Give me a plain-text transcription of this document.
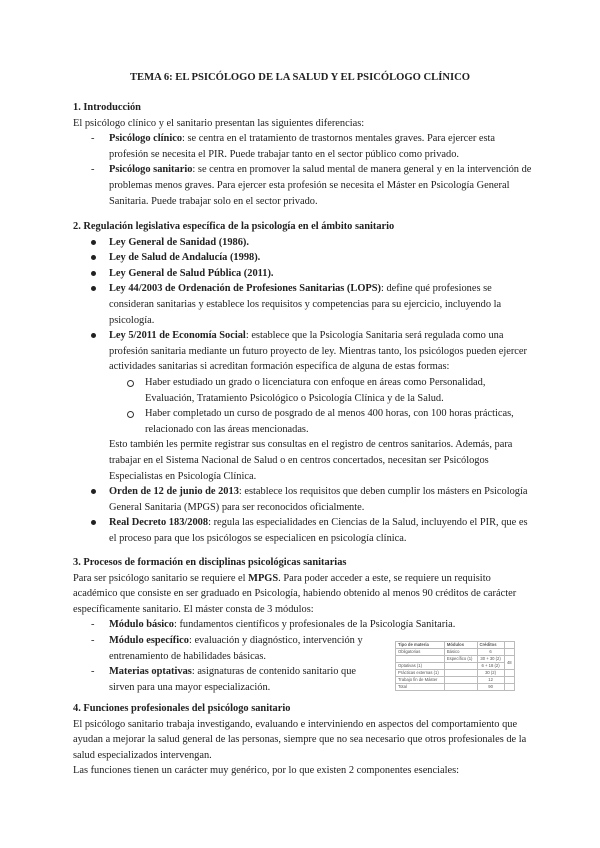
TEMA 6: EL PSICÓLOGO DE LA SALUD Y EL PSICÓLOGO CLÍNICO
1. Introducción

El psicólogo clínico y el sanitario presentan las siguientes diferencias:

- Psicólogo clínico: se centra en el tratamiento de trastornos mentales graves. Para ejercer esta profesión se necesita el PIR. Puede trabajar tanto en el sector público como privado.
- Psicólogo sanitario: se centra en promover la salud mental de manera general y en la intervención de problemas menos graves. Para ejercer esta profesión se necesita el Máster en Psicología General Sanitaria. Puede trabajar solo en el sector privado.
2. Regulación legislativa específica de la psicología en el ámbito sanitario
Ley General de Sanidad (1986).
Ley de Salud de Andalucía (1998).
Ley General de Salud Pública (2011).
Ley 44/2003 de Ordenación de Profesiones Sanitarias (LOPS): define qué profesiones se consideran sanitarias y establece los requisitos y competencias para su ejercicio, incluyendo la psicología.
Ley 5/2011 de Economía Social: establece que la Psicología Sanitaria será regulada como una profesión sanitaria mediante un futuro proyecto de ley. Mientras tanto, los psicólogos pueden ejercer actividades sanitarias si acreditan formación específica de alguna de estas formas:
Haber estudiado un grado o licenciatura con enfoque en áreas como Personalidad, Evaluación, Tratamiento Psicológico o Psicología Clínica y de la Salud.
Haber completado un curso de posgrado de al menos 400 horas, con 100 horas prácticas, relacionado con las áreas mencionadas.

Esto también les permite registrar sus consultas en el registro de centros sanitarios. Además, para trabajar en el Sistema Nacional de Salud o en centros concertados, necesitan ser Psicólogos Especialistas en Psicología Clínica.

Orden de 12 de junio de 2013: establece los requisitos que deben cumplir los másters en Psicología General Sanitaria (MPGS) para ser reconocidos oficialmente.
Real Decreto 183/2008: regula las especialidades en Ciencias de la Salud, incluyendo el PIR, que es el proceso para que los psicólogos se especialicen en psicología clínica.
3. Procesos de formación en disciplinas psicológicas sanitarias

Para ser psicólogo sanitario se requiere el MPGS. Para poder acceder a este, se requiere un requisito académico que consiste en ser graduado en Psicología, habiendo obtenido al menos 90 créditos de carácter específicamente sanitario. El máster consta de 3 módulos:

- Módulo básico: fundamentos científicos y profesionales de la Psicología Sanitaria.
- Módulo específico: evaluación y diagnóstico, intervención y entrenamiento de habilidades básicas.
- Materias optativas: asignaturas de contenido sanitario que sirven para una mayor especialización.
Tipo de materia	Módulos	Créditos	
Obligatorias	Básico	6	
	Específico (1)	30 + 30 (2)	48
Optativas (1)		6 + 18 (2)	
Prácticas externas (1)		30 (2)	
Trabajo fin de Máster		12	
Total		90	
4. Funciones profesionales del psicólogo sanitario

El psicólogo sanitario trabaja investigando, evaluando e interviniendo en aspectos del comportamiento que ayudan a mejorar la salud general de las personas, siempre que no sea necesario que otros profesionales de la salud especializados intervengan.

Las funciones tienen un carácter muy genérico, por lo que existen 2 componentes esenciales:
